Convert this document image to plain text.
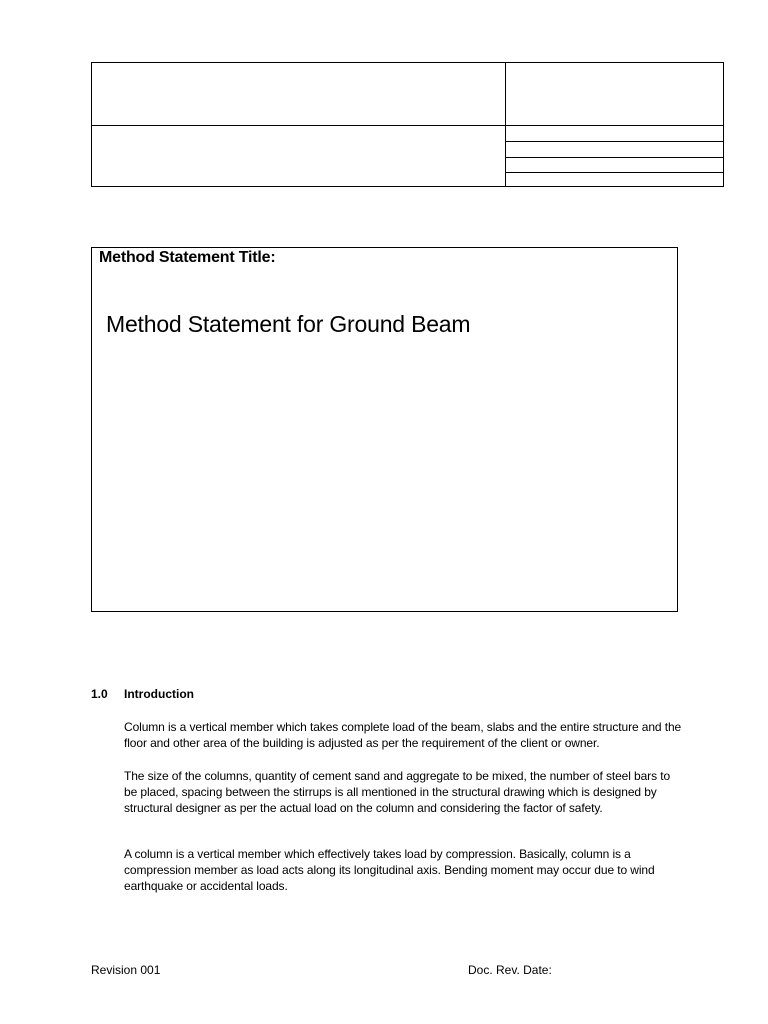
Method Statement Title:
Method Statement for Ground Beam
1.0 Introduction

Column is a vertical member which takes complete load of the beam, slabs and the entire structure and the floor and other area of the building is adjusted as per the requirement of the client or owner.

The size of the columns, quantity of cement sand and aggregate to be mixed, the number of steel bars to be placed, spacing between the stirrups is all mentioned in the structural drawing which is designed by structural designer as per the actual load on the column and considering the factor of safety.

A column is a vertical member which effectively takes load by compression. Basically, column is a compression member as load acts along its longitudinal axis. Bending moment may occur due to wind earthquake or accidental loads.

Revision 001	Doc. Rev. Date:
